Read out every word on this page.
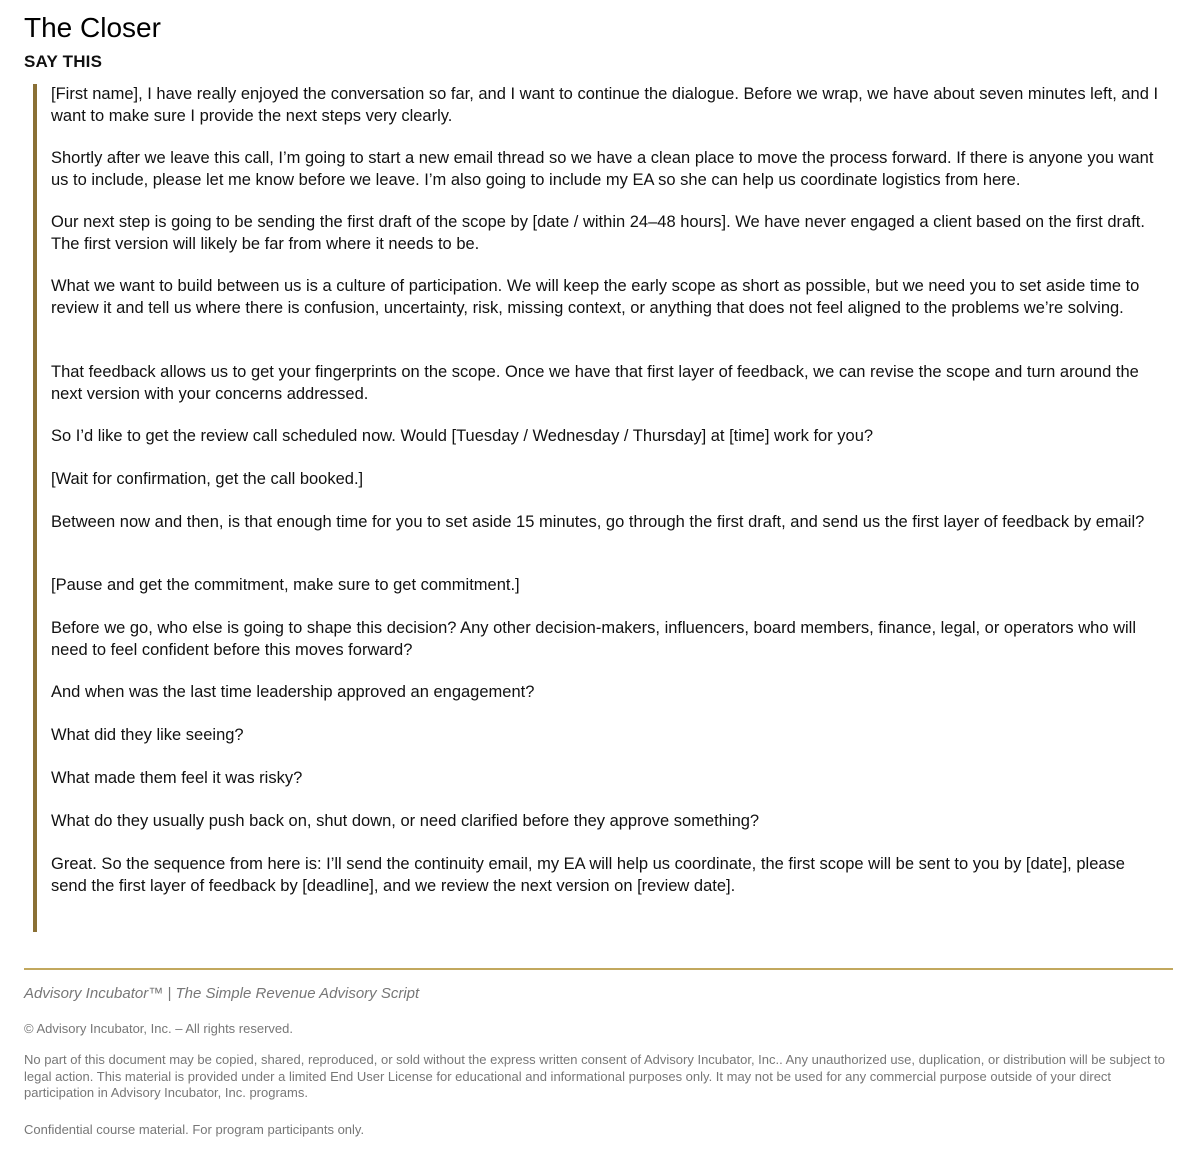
The Closer
SAY THIS

[First name], I have really enjoyed the conversation so far, and I want to continue the dialogue. Before we wrap, we have about seven minutes left, and I want to make sure I provide the next steps very clearly.

Shortly after we leave this call, I’m going to start a new email thread so we have a clean place to move the process forward. If there is anyone you want us to include, please let me know before we leave. I’m also going to include my EA so she can help us coordinate logistics from here.

Our next step is going to be sending the first draft of the scope by [date / within 24–48 hours]. We have never engaged a client based on the first draft. The first version will likely be far from where it needs to be.

What we want to build between us is a culture of participation. We will keep the early scope as short as possible, but we need you to set aside time to review it and tell us where there is confusion, uncertainty, risk, missing context, or anything that does not feel aligned to the problems we’re solving.

That feedback allows us to get your fingerprints on the scope. Once we have that first layer of feedback, we can revise the scope and turn around the next version with your concerns addressed.

So I’d like to get the review call scheduled now. Would [Tuesday / Wednesday / Thursday] at [time] work for you?

[Wait for confirmation, get the call booked.]

Between now and then, is that enough time for you to set aside 15 minutes, go through the first draft, and send us the first layer of feedback by email?

[Pause and get the commitment, make sure to get commitment.]

Before we go, who else is going to shape this decision? Any other decision-makers, influencers, board members, finance, legal, or operators who will need to feel confident before this moves forward?

And when was the last time leadership approved an engagement?

What did they like seeing?

What made them feel it was risky?

What do they usually push back on, shut down, or need clarified before they approve something?

Great. So the sequence from here is: I’ll send the continuity email, my EA will help us coordinate, the first scope will be sent to you by [date], please send the first layer of feedback by [deadline], and we review the next version on [review date].

Advisory Incubator™ | The Simple Revenue Advisory Script
© Advisory Incubator, Inc. – All rights reserved.

No part of this document may be copied, shared, reproduced, or sold without the express written consent of Advisory Incubator, Inc.. Any unauthorized use, duplication, or distribution will be subject to legal action. This material is provided under a limited End User License for educational and informational purposes only. It may not be used for any commercial purpose outside of your direct participation in Advisory Incubator, Inc. programs.

Confidential course material. For program participants only.
